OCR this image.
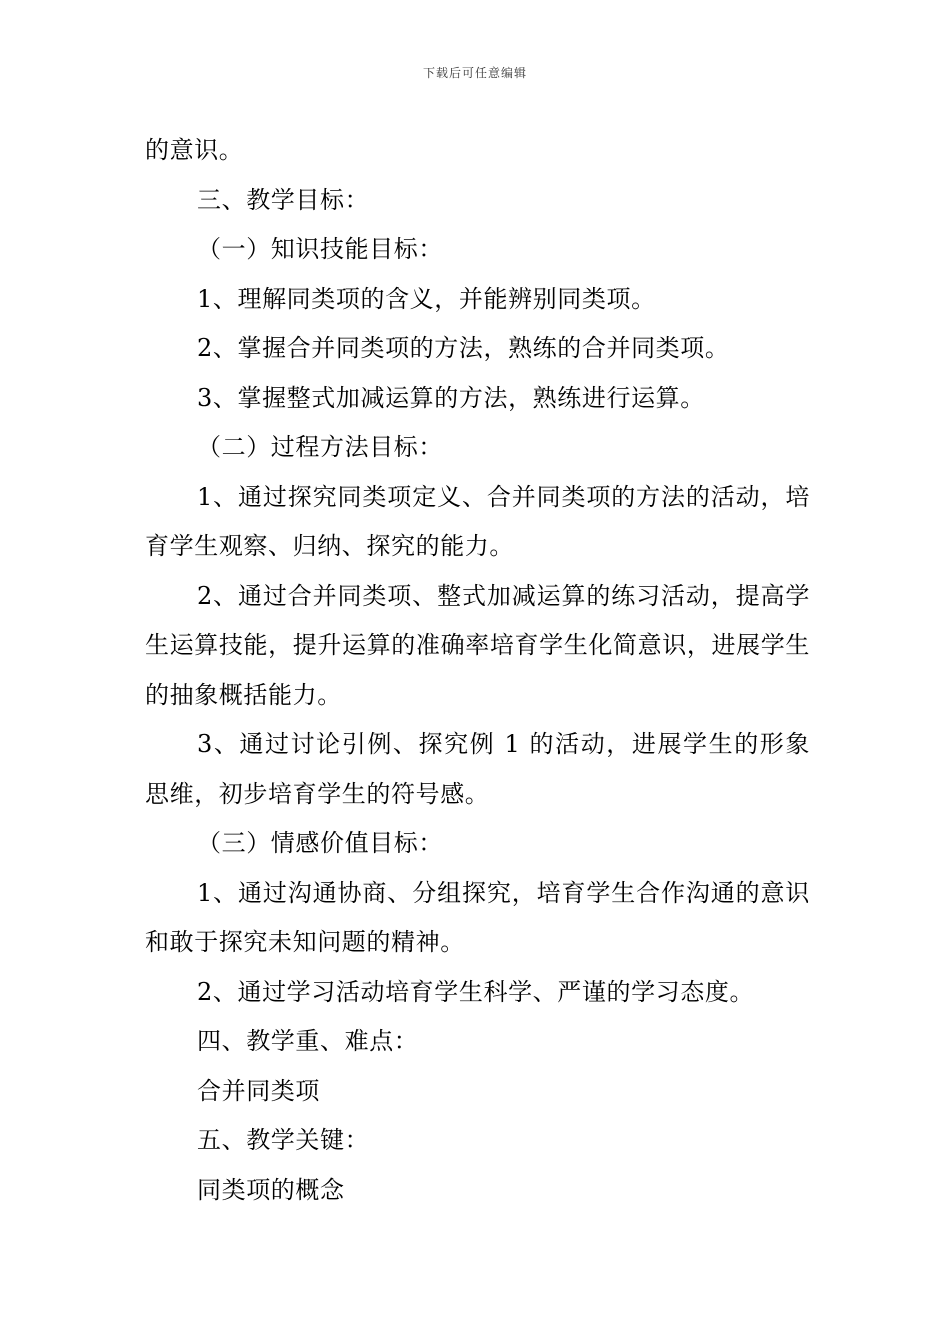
下载后可任意编辑

的意识。

三、教学目标：

（一）知识技能目标：

1、理解同类项的含义，并能辨别同类项。

2、掌握合并同类项的方法，熟练的合并同类项。

3、掌握整式加减运算的方法，熟练进行运算。

（二）过程方法目标：

1、通过探究同类项定义、合并同类项的方法的活动，培育学生观察、归纳、探究的能力。

2、通过合并同类项、整式加减运算的练习活动，提高学生运算技能，提升运算的准确率培育学生化简意识，进展学生的抽象概括能力。

3、通过讨论引例、探究例 1 的活动，进展学生的形象思维，初步培育学生的符号感。

（三）情感价值目标：

1、通过沟通协商、分组探究，培育学生合作沟通的意识和敢于探究未知问题的精神。

2、通过学习活动培育学生科学、严谨的学习态度。

四、教学重、难点：

合并同类项

五、教学关键：

同类项的概念
